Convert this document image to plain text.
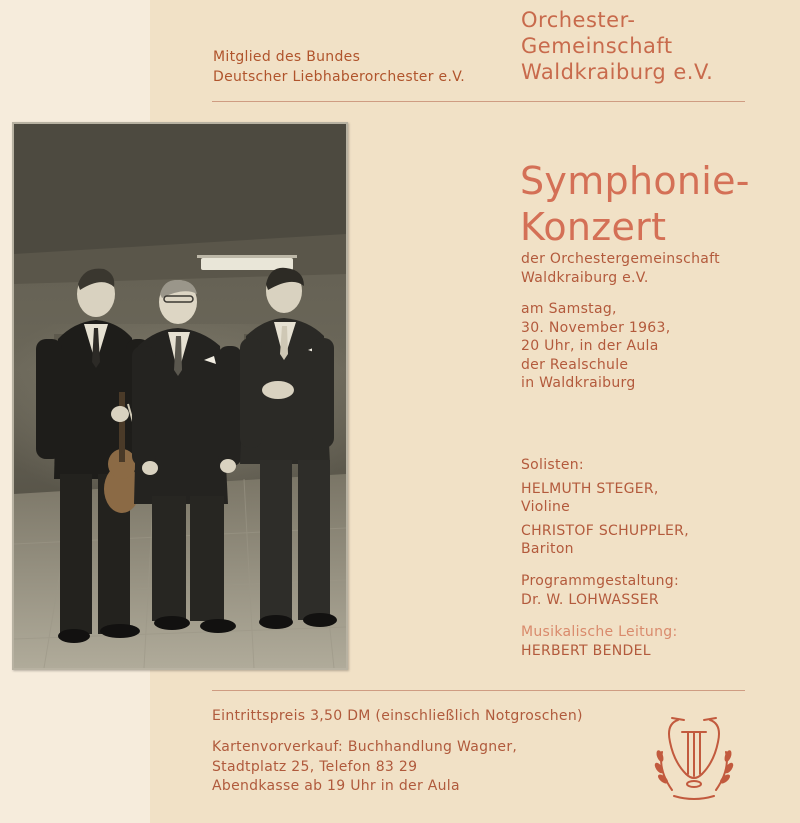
Mitglied des Bundes
Deutscher Liebhaberorchester e.V.
Orchester-
Gemeinschaft
Waldkraiburg e.V.
Symphonie-
Konzert
der Orchestergemeinschaft
Waldkraiburg e.V.
am Samstag,
30. November 1963,
20 Uhr, in der Aula
der Realschule
in Waldkraiburg
Solisten:
HELMUTH STEGER,
Violine
CHRISTOF SCHUPPLER,
Bariton
Programmgestaltung:
Dr. W. LOHWASSER
Musikalische Leitung:
HERBERT BENDEL
Eintrittspreis 3,50 DM (einschließlich Notgroschen)
Kartenvorverkauf: Buchhandlung Wagner,
Stadtplatz 25, Telefon 83 29
Abendkasse ab 19 Uhr in der Aula
